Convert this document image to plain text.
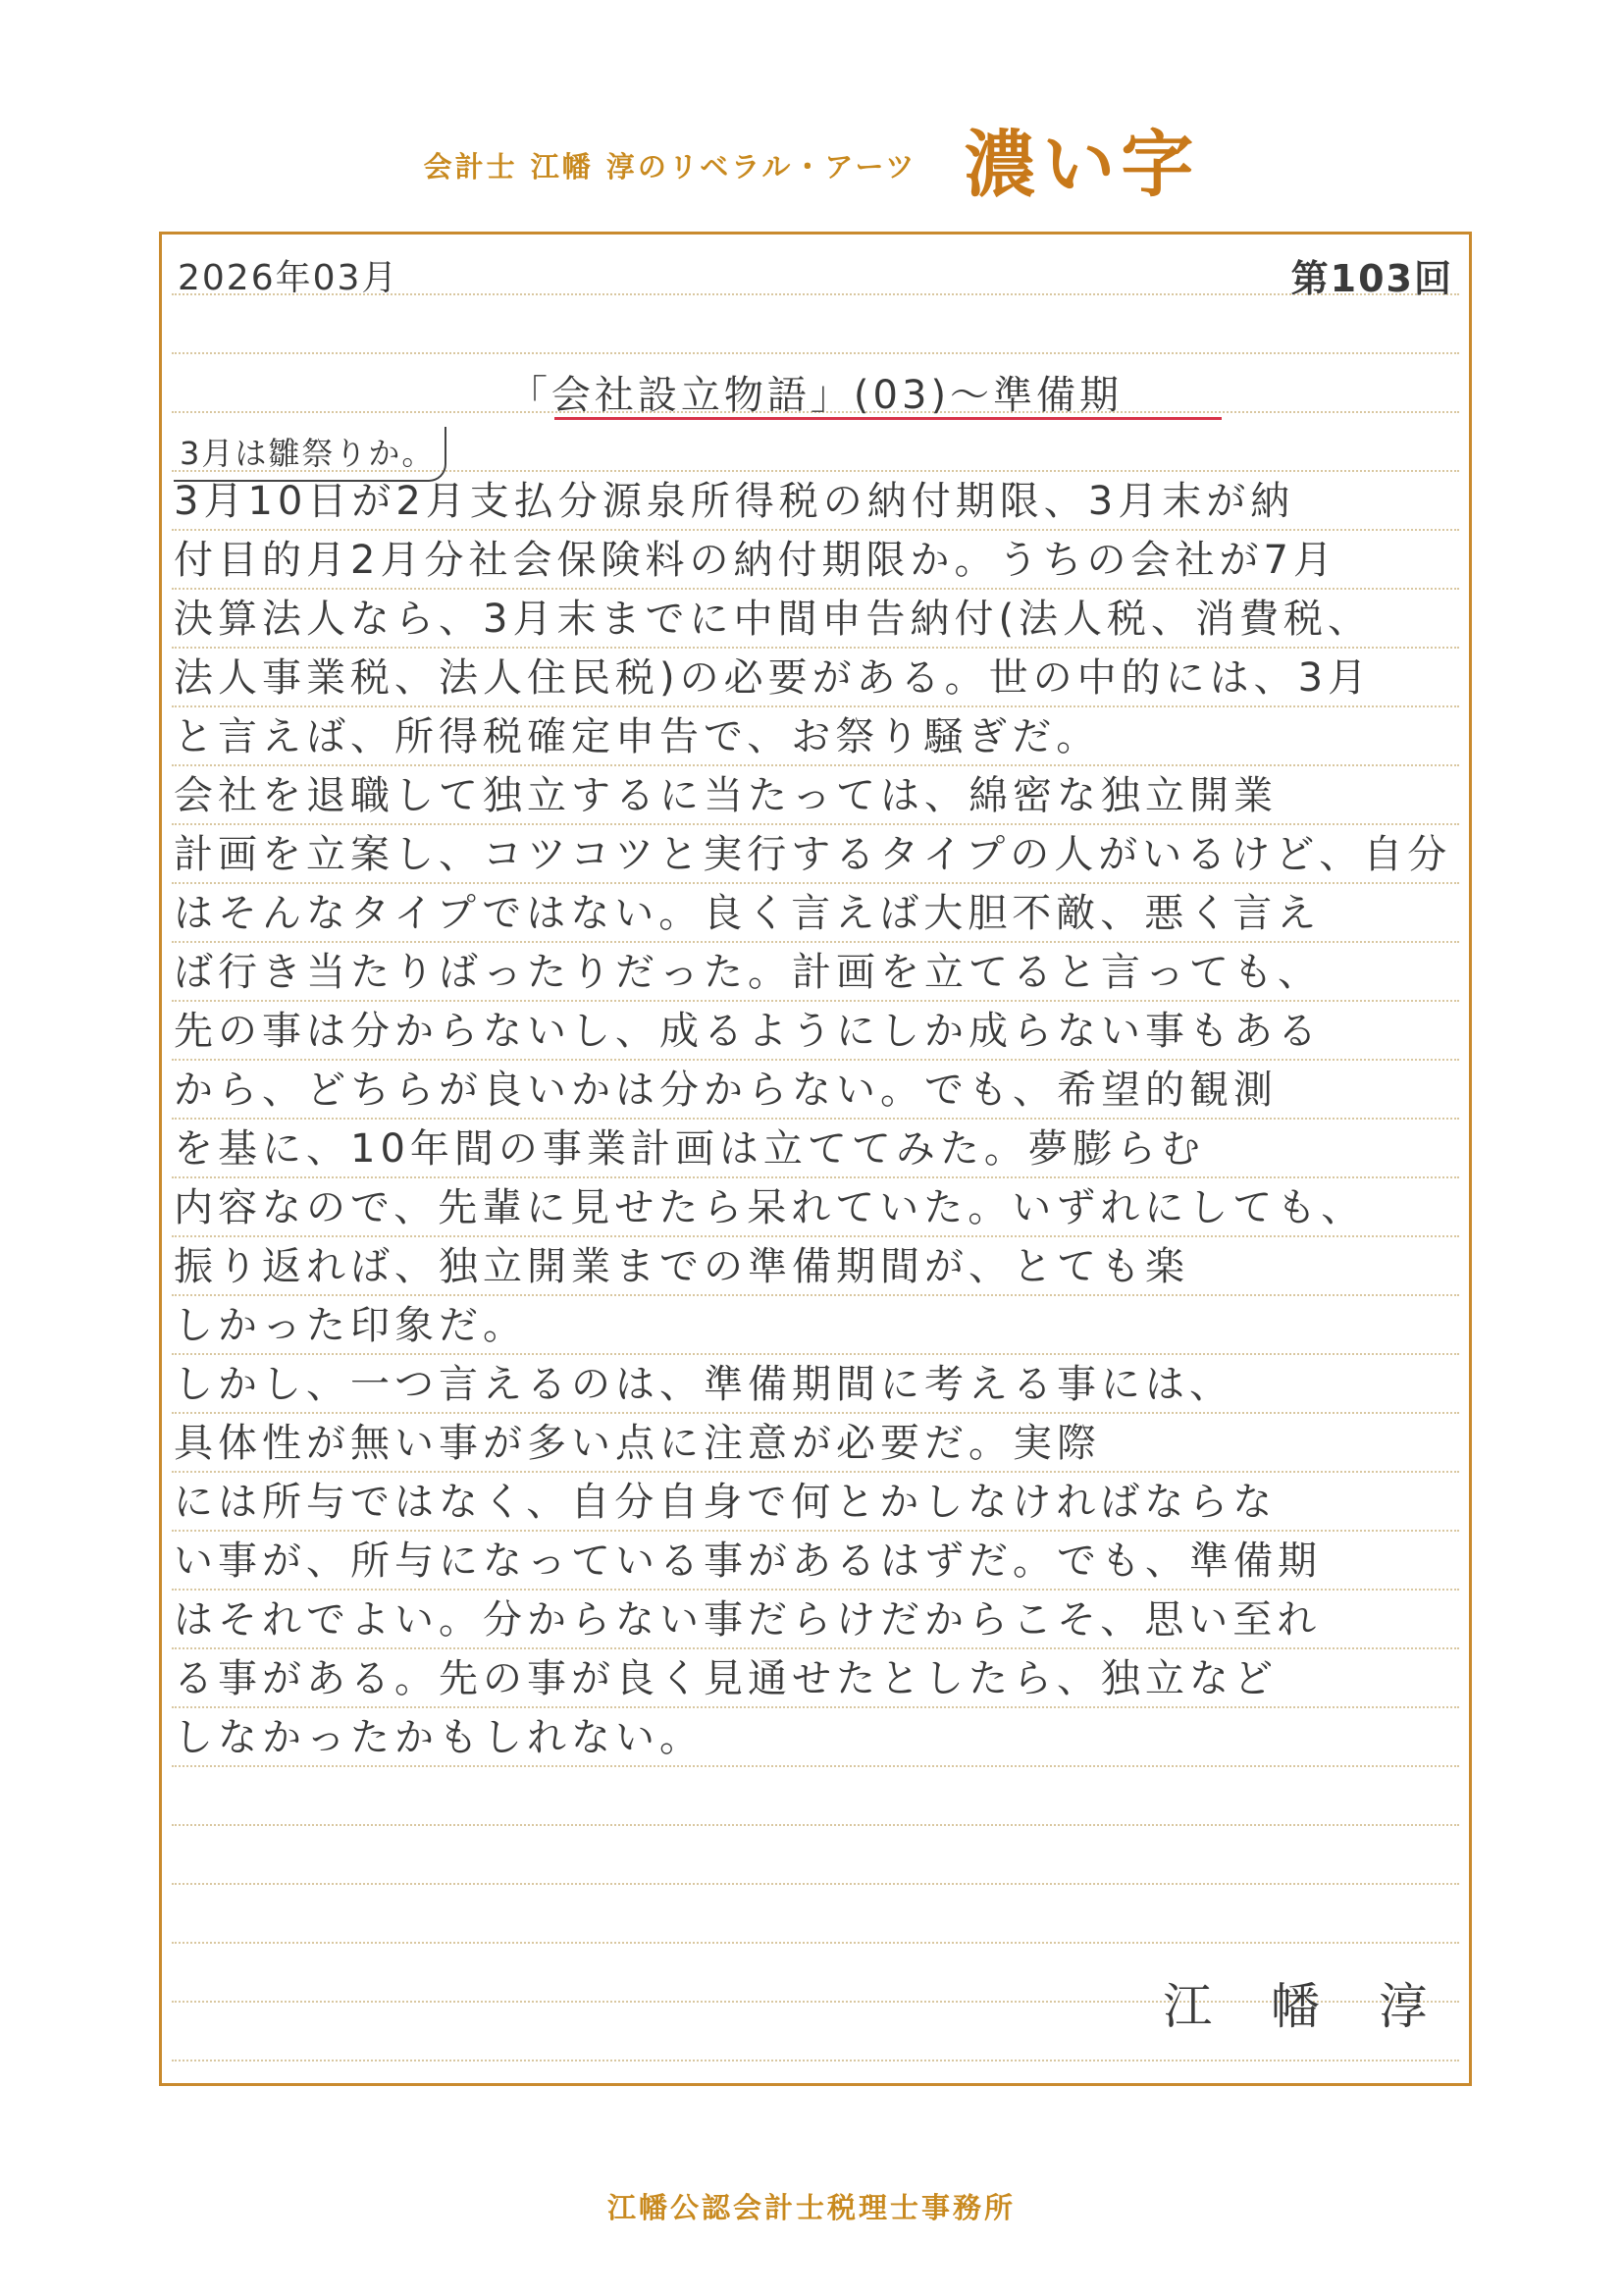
会計士 江幡 淳のリベラル・アーツ 濃い字
2026年03月	第103回
「会社設立物語」(03)～準備期
3月は雛祭りか。
3月10日が2月支払分源泉所得税の納付期限、3月末が納
付目的月2月分社会保険料の納付期限か。うちの会社が7月
決算法人なら、3月末までに中間申告納付(法人税、消費税、
法人事業税、法人住民税)の必要がある。世の中的には、3月
と言えば、所得税確定申告で、お祭り騒ぎだ。
会社を退職して独立するに当たっては、綿密な独立開業
計画を立案し、コツコツと実行するタイプの人がいるけど、自分
はそんなタイプではない。良く言えば大胆不敵、悪く言え
ば行き当たりばったりだった。計画を立てると言っても、
先の事は分からないし、成るようにしか成らない事もある
から、どちらが良いかは分からない。でも、希望的観測
を基に、10年間の事業計画は立ててみた。夢膨らむ
内容なので、先輩に見せたら呆れていた。いずれにしても、
振り返れば、独立開業までの準備期間が、とても楽
しかった印象だ。
しかし、一つ言えるのは、準備期間に考える事には、
具体性が無い事が多い点に注意が必要だ。実際
には所与ではなく、自分自身で何とかしなければならな
い事が、所与になっている事があるはずだ。でも、準備期
はそれでよい。分からない事だらけだからこそ、思い至れ
る事がある。先の事が良く見通せたとしたら、独立など
しなかったかもしれない。
江 幡 淳
江幡公認会計士税理士事務所
